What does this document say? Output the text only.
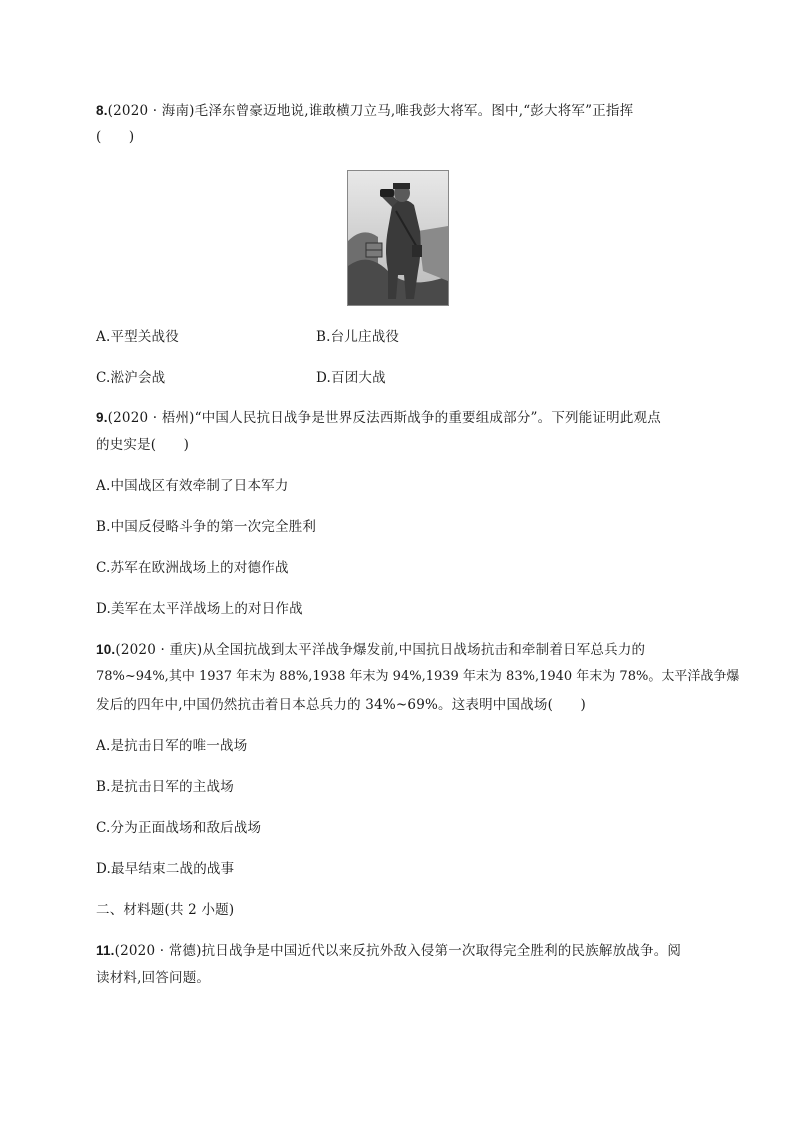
8.(2020 · 海南)毛泽东曾豪迈地说,谁敢横刀立马,唯我彭大将军。图中,“彭大将军”正指挥
(　　)
A.平型关战役	B.台儿庄战役
C.淞沪会战	D.百团大战
9.(2020 · 梧州)“中国人民抗日战争是世界反法西斯战争的重要组成部分”。下列能证明此观点
的史实是(　　)
A.中国战区有效牵制了日本军力
B.中国反侵略斗争的第一次完全胜利
C.苏军在欧洲战场上的对德作战
D.美军在太平洋战场上的对日作战
10.(2020 · 重庆)从全国抗战到太平洋战争爆发前,中国抗日战场抗击和牵制着日军总兵力的
78%~94%,其中 1937 年末为 88%,1938 年末为 94%,1939 年末为 83%,1940 年末为 78%。太平洋战争爆
发后的四年中,中国仍然抗击着日本总兵力的 34%~69%。这表明中国战场(　　)
A.是抗击日军的唯一战场
B.是抗击日军的主战场
C.分为正面战场和敌后战场
D.最早结束二战的战事
二、材料题(共 2 小题)
11.(2020 · 常德)抗日战争是中国近代以来反抗外敌入侵第一次取得完全胜利的民族解放战争。阅
读材料,回答问题。
